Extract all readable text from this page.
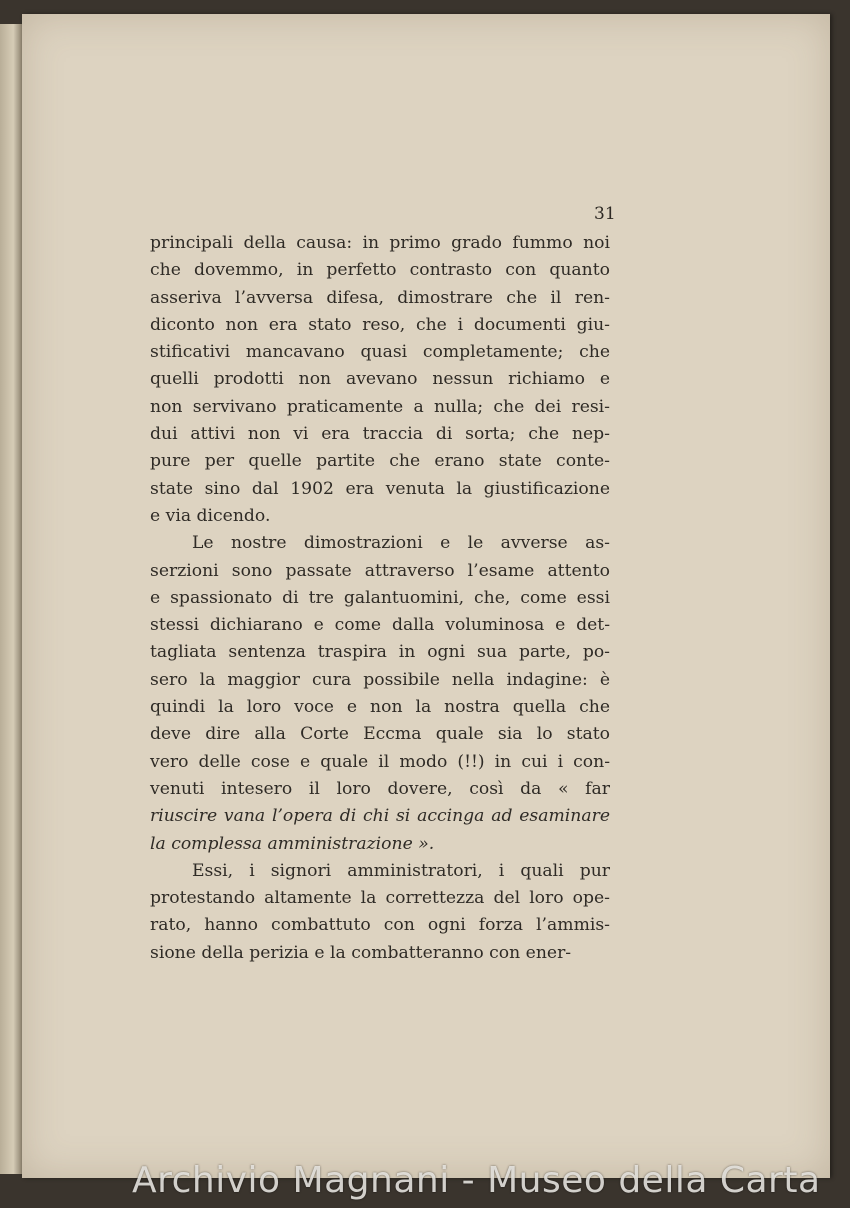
31

principali della causa: in primo grado fummo noi
che dovemmo, in perfetto contrasto con quanto
asseriva l’avversa difesa, dimostrare che il ren-
diconto non era stato reso, che i documenti giu-
stificativi mancavano quasi completamente; che
quelli prodotti non avevano nessun richiamo e
non servivano praticamente a nulla; che dei resi-
dui attivi non vi era traccia di sorta; che nep-
pure per quelle partite che erano state conte-
state sino dal 1902 era venuta la giustificazione
e via dicendo.

Le nostre dimostrazioni e le avverse as-
serzioni sono passate attraverso l’esame attento
e spassionato di tre galantuomini, che, come essi
stessi dichiarano e come dalla voluminosa e det-
tagliata sentenza traspira in ogni sua parte, po-
sero la maggior cura possibile nella indagine: è
quindi la loro voce e non la nostra quella che
deve dire alla Corte Eccma quale sia lo stato
vero delle cose e quale il modo (!!) in cui i con-
venuti intesero il loro dovere, così da « far
riuscire vana l’opera di chi si accinga ad esaminare
la complessa amministrazione ».

Essi, i signori amministratori, i quali pur
protestando altamente la correttezza del loro ope-
rato, hanno combattuto con ogni forza l’ammis-
sione della perizia e la combatteranno con ener-

Archivio Magnani - Museo della Carta
